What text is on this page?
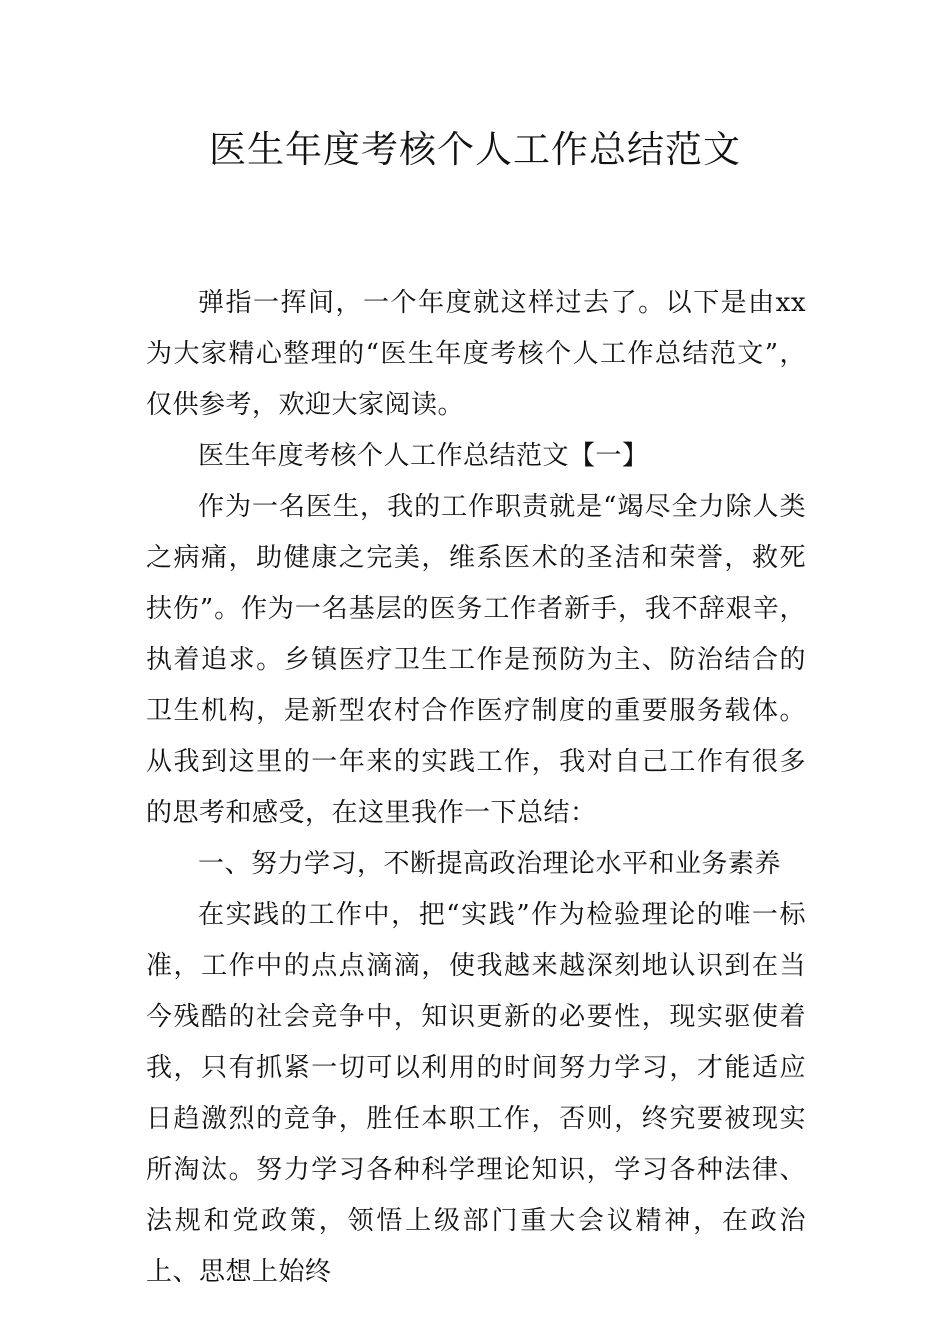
医生年度考核个人工作总结范文

弹指一挥间，一个年度就这样过去了。以下是由xx为大家精心整理的“医生年度考核个人工作总结范文”，仅供参考，欢迎大家阅读。

医生年度考核个人工作总结范文【一】

作为一名医生，我的工作职责就是“竭尽全力除人类之病痛，助健康之完美，维系医术的圣洁和荣誉，救死扶伤”。作为一名基层的医务工作者新手，我不辞艰辛，执着追求。乡镇医疗卫生工作是预防为主、防治结合的卫生机构，是新型农村合作医疗制度的重要服务载体。从我到这里的一年来的实践工作，我对自己工作有很多的思考和感受，在这里我作一下总结：

一、努力学习，不断提高政治理论水平和业务素养

在实践的工作中，把“实践”作为检验理论的唯一标准，工作中的点点滴滴，使我越来越深刻地认识到在当今残酷的社会竞争中，知识更新的必要性，现实驱使着我，只有抓紧一切可以利用的时间努力学习，才能适应日趋激烈的竞争，胜任本职工作，否则，终究要被现实所淘汰。努力学习各种科学理论知识，学习各种法律、法规和党政策，领悟上级部门重大会议精神，在政治上、思想上始终
